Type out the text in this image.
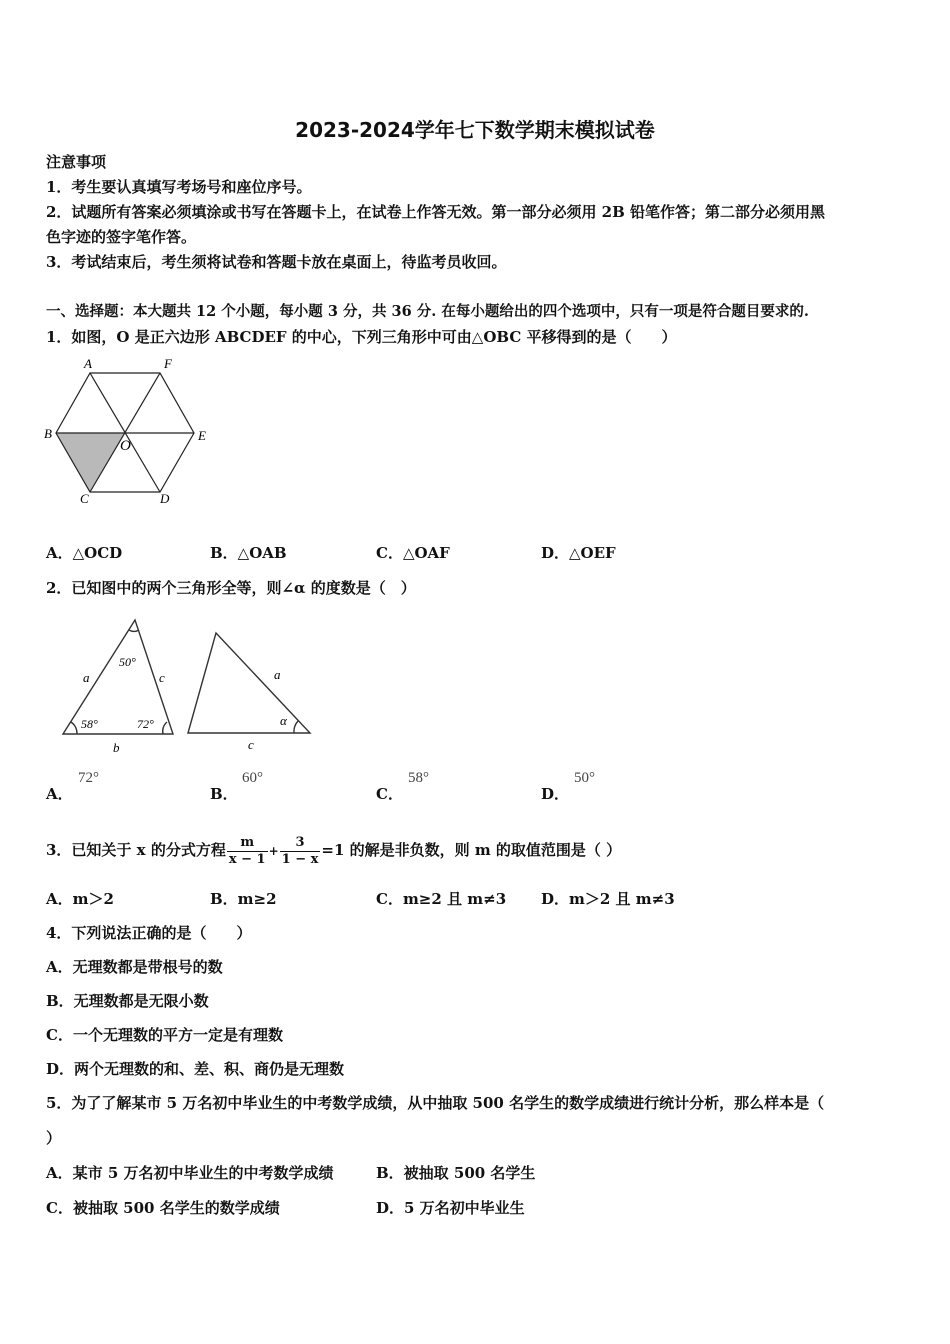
2023-2024学年七下数学期末模拟试卷
注意事项
1．考生要认真填写考场号和座位序号。
2．试题所有答案必须填涂或书写在答题卡上，在试卷上作答无效。第一部分必须用 2B 铅笔作答；第二部分必须用黑
色字迹的签字笔作答。
3．考试结束后，考生须将试卷和答题卡放在桌面上，待监考员收回。
一、选择题：本大题共 12 个小题，每小题 3 分，共 36 分. 在每小题给出的四个选项中，只有一项是符合题目要求的.
1．如图，O 是正六边形 ABCDEF 的中心，下列三角形中可由△OBC 平移得到的是（　　）
A	F
B
O
E
C	D
A．△OCD	B．△OAB	C．△OAF	D．△OEF
2．已知图中的两个三角形全等，则∠α 的度数是（　）
a	c
b
50°
58°	72°
a
c
α
A．
72°
B．
60°
C．
58°
D．
50°
3．已知关于 x 的分式方程 $\frac{m}{x - 1} + \frac{3}{1 - x} =1$ 的解是非负数，则 m 的取值范围是（ ）
A．m＞2	B．m≥2	C．m≥2 且 m≠3 D．m＞2 且 m≠3
4．下列说法正确的是（　　）
A．无理数都是带根号的数
B．无理数都是无限小数
C．一个无理数的平方一定是有理数
D．两个无理数的和、差、积、商仍是无理数
5．为了了解某市 5 万名初中毕业生的中考数学成绩，从中抽取 500 名学生的数学成绩进行统计分析，那么样本是（
）
A．某市 5 万名初中毕业生的中考数学成绩	B．被抽取 500 名学生
C．被抽取 500 名学生的数学成绩	D．5 万名初中毕业生
